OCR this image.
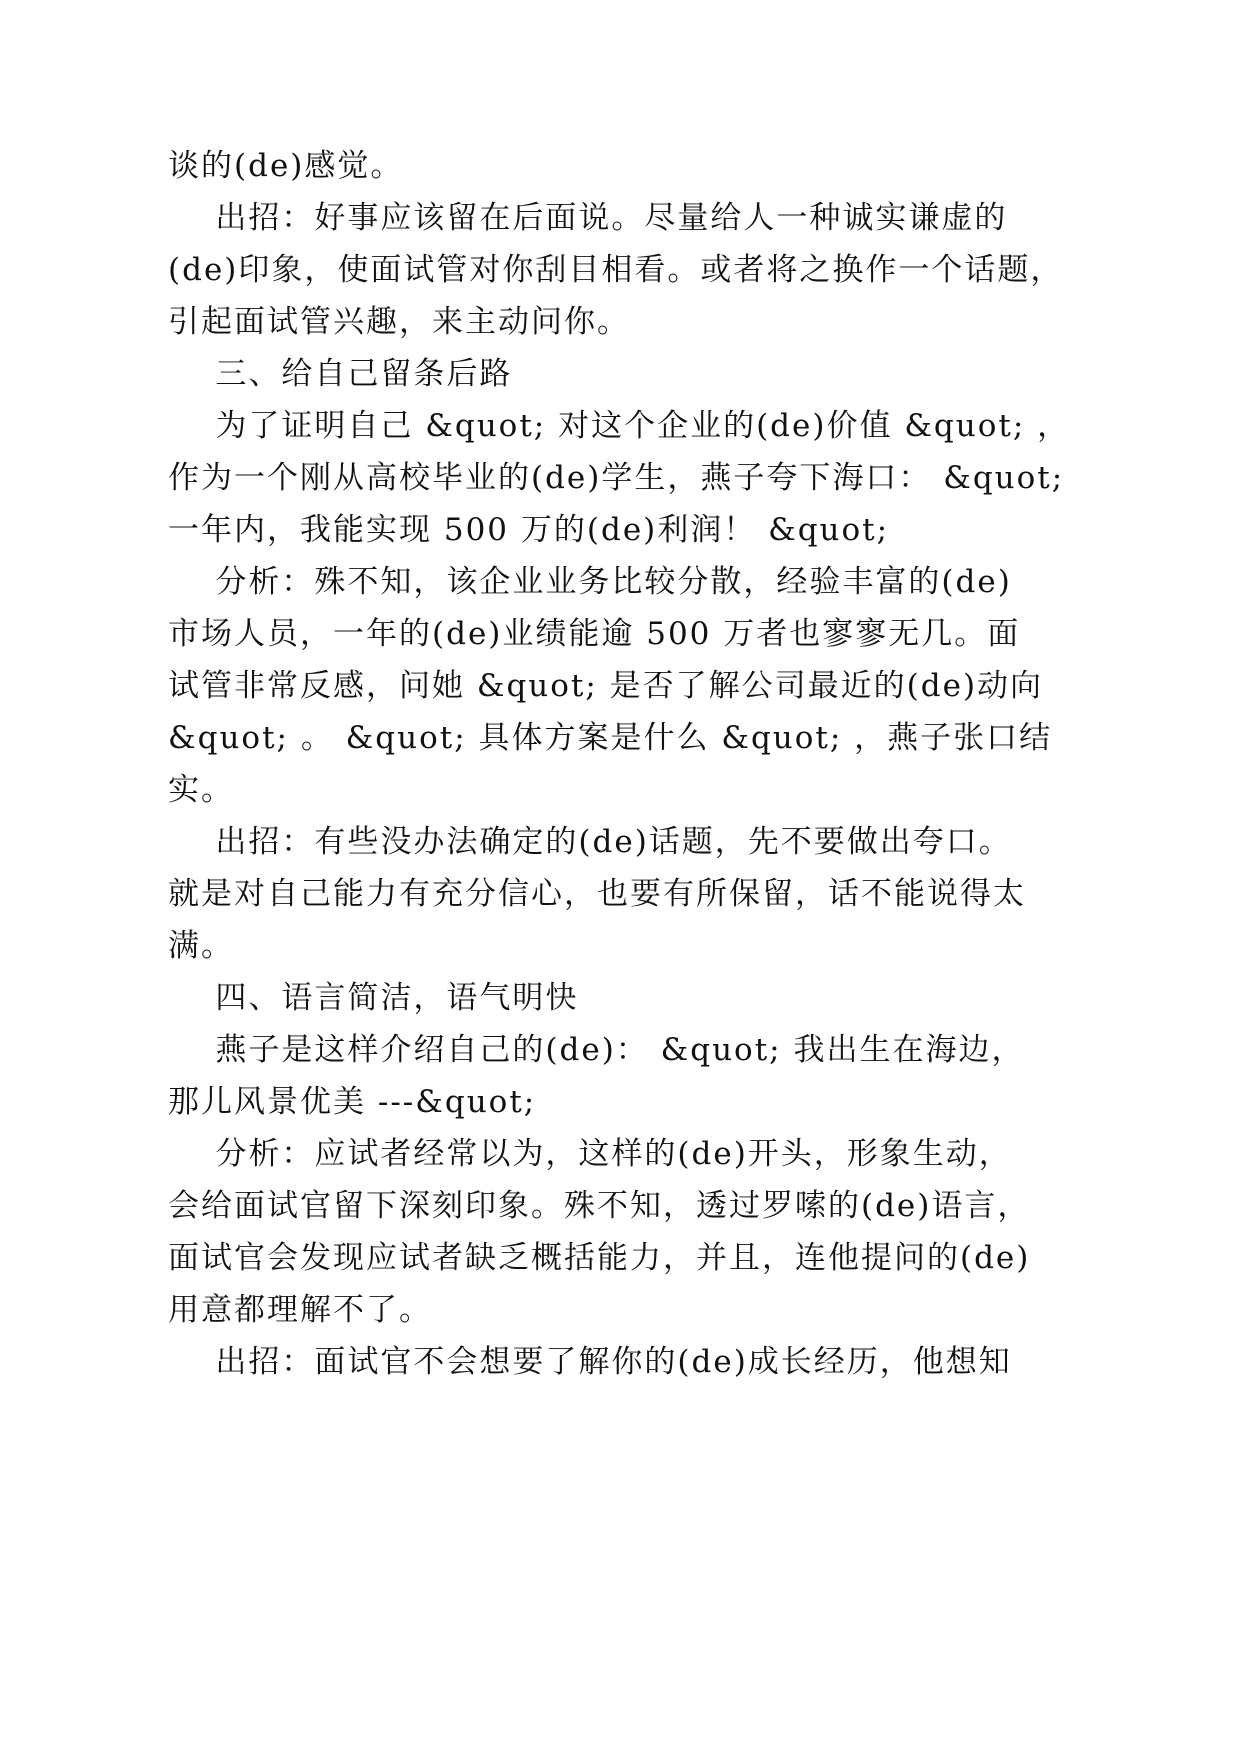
谈的(de)感觉。
出招：好事应该留在后面说。尽量给人一种诚实谦虚的
(de)印象，使面试管对你刮目相看。或者将之换作一个话题，
引起面试管兴趣，来主动问你。
三、给自己留条后路
为了证明自己 &quot; 对这个企业的(de)价值 &quot; ，
作为一个刚从高校毕业的(de)学生，燕子夸下海口： &quot;
一年内，我能实现 500 万的(de)利润！ &quot;
分析：殊不知，该企业业务比较分散，经验丰富的(de)
市场人员，一年的(de)业绩能逾 500 万者也寥寥无几。面
试管非常反感，问她 &quot; 是否了解公司最近的(de)动向
&quot; 。 &quot; 具体方案是什么 &quot; ，燕子张口结
实。
出招：有些没办法确定的(de)话题，先不要做出夸口。
就是对自己能力有充分信心，也要有所保留，话不能说得太
满。
四、语言简洁，语气明快
燕子是这样介绍自己的(de)： &quot; 我出生在海边，
那儿风景优美 ---&quot;
分析：应试者经常以为，这样的(de)开头，形象生动，
会给面试官留下深刻印象。殊不知，透过罗嗦的(de)语言，
面试官会发现应试者缺乏概括能力，并且，连他提问的(de)
用意都理解不了。
出招：面试官不会想要了解你的(de)成长经历，他想知
